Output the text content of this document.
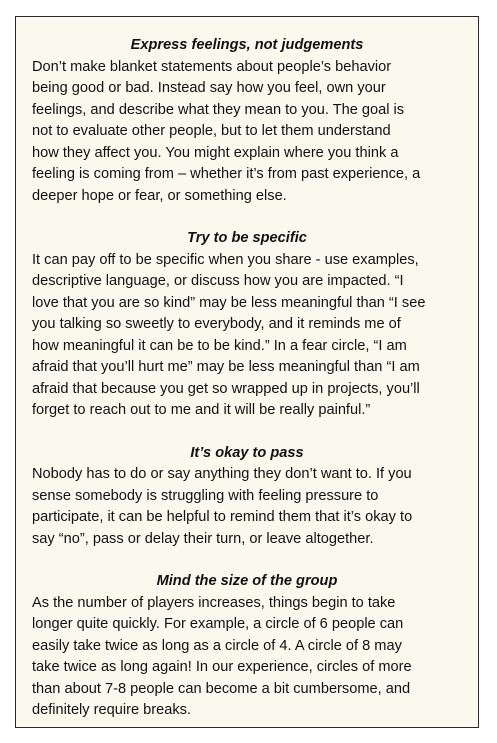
Express feelings, not judgements

Don’t make blanket statements about people’s behavior
being good or bad. Instead say how you feel, own your
feelings, and describe what they mean to you. The goal is
not to evaluate other people, but to let them understand
how they affect you. You might explain where you think a
feeling is coming from – whether it’s from past experience, a
deeper hope or fear, or something else.

Try to be specific

It can pay off to be specific when you share - use examples,
descriptive language, or discuss how you are impacted. “I
love that you are so kind” may be less meaningful than “I see
you talking so sweetly to everybody, and it reminds me of
how meaningful it can be to be kind.” In a fear circle, “I am
afraid that you’ll hurt me” may be less meaningful than “I am
afraid that because you get so wrapped up in projects, you’ll
forget to reach out to me and it will be really painful.”

It’s okay to pass

Nobody has to do or say anything they don’t want to. If you
sense somebody is struggling with feeling pressure to
participate, it can be helpful to remind them that it’s okay to
say “no”, pass or delay their turn, or leave altogether.

Mind the size of the group

As the number of players increases, things begin to take
longer quite quickly. For example, a circle of 6 people can
easily take twice as long as a circle of 4. A circle of 8 may
take twice as long again! In our experience, circles of more
than about 7-8 people can become a bit cumbersome, and
definitely require breaks.
